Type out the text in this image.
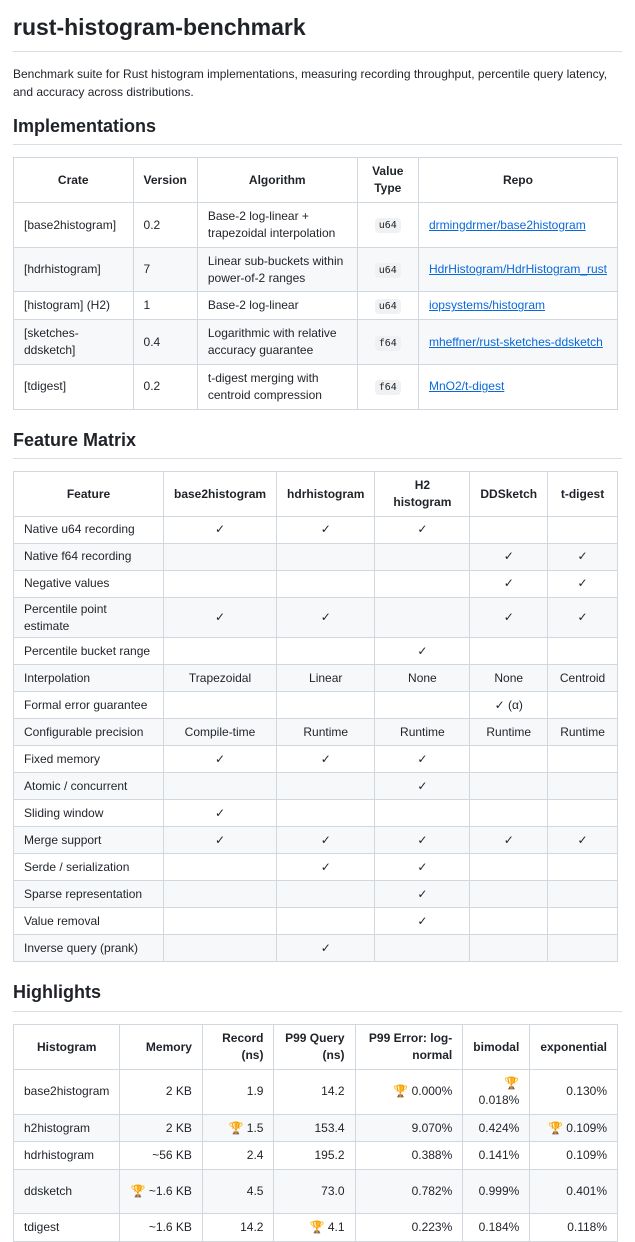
rust-histogram-benchmark

Benchmark suite for Rust histogram implementations, measuring recording throughput, percentile query latency, and accuracy across distributions.

Implementations
Crate	Version	Algorithm	Value Type	Repo
[base2histogram]	0.2	Base-2 log-linear + trapezoidal interpolation	u64	drmingdrmer/base2histogram
[hdrhistogram]	7	Linear sub-buckets within power-of-2 ranges	u64	HdrHistogram/HdrHistogram_rust
[histogram] (H2)	1	Base-2 log-linear	u64	iopsystems/histogram
[sketches-ddsketch]	0.4	Logarithmic with relative accuracy guarantee	f64	mheffner/rust-sketches-ddsketch
[tdigest]	0.2	t-digest merging with centroid compression	f64	MnO2/t-digest
Feature Matrix
Feature	base2histogram	hdrhistogram	H2 histogram	DDSketch	t-digest
Native u64 recording	✓	✓	✓		
Native f64 recording				✓	✓
Negative values				✓	✓
Percentile point estimate	✓	✓		✓	✓
Percentile bucket range			✓		
Interpolation	Trapezoidal	Linear	None	None	Centroid
Formal error guarantee				✓ (α)	
Configurable precision	Compile-time	Runtime	Runtime	Runtime	Runtime
Fixed memory	✓	✓	✓		
Atomic / concurrent			✓		
Sliding window	✓				
Merge support	✓	✓	✓	✓	✓
Serde / serialization		✓	✓		
Sparse representation			✓		
Value removal			✓		
Inverse query (prank)		✓			
Highlights
Histogram	Memory	Record (ns)	P99 Query (ns)	P99 Error: log-normal	bimodal	exponential
base2histogram	2 KB	1.9	14.2	🏆 0.000%	🏆 0.018%	0.130%
h2histogram	2 KB	🏆 1.5	153.4	9.070%	0.424%	🏆 0.109%
hdrhistogram	~56 KB	2.4	195.2	0.388%	0.141%	0.109%
ddsketch	🏆 ~1.6 KB	4.5	73.0	0.782%	0.999%	0.401%
tdigest	~1.6 KB	14.2	🏆 4.1	0.223%	0.184%	0.118%
